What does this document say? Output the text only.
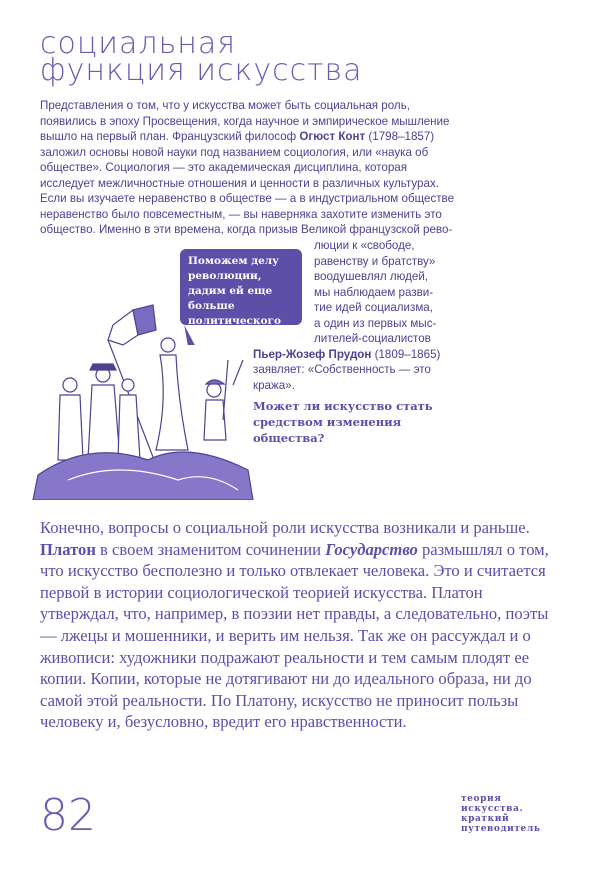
социальная
функция искусства

Представления о том, что у искусства может быть социальная роль, появились в эпоху Просвещения, когда научное и эмпирическое мышление вышло на первый план. Французский философ Огюст Конт (1798–1857) заложил основы новой науки под названием социология, или «наука об обществе». Социология — это академическая дисциплина, которая исследует межличностные отношения и ценности в различных культурах. Если вы изучаете неравенство в обществе — а в индустриальном обществе неравенство было повсеместным, — вы наверняка захотите изменить это общество. Именно в эти времена, когда призыв Великой французской рево-

люции к «свободе,
равенству и братству»
воодушевлял людей,
мы наблюдаем разви-
тие идей социализма,
а один из первых мыс-
лителей-социалистов

Пьер-Жозеф Прудон (1809–1865) заявляет: «Собственность — это кража».

Поможем делу революции, дадим ей еще больше политического искусства...
Может ли искусство стать средством изменения общества?
Конечно, вопросы о социальной роли искусства возникали и раньше. Платон в своем знаменитом сочинении Государство размышлял о том, что искусство бесполезно и только отвлекает человека. Это и считается первой в истории социологической теорией искусства. Платон утверждал, что, например, в поэзии нет правды, а следовательно, поэты — лжецы и мошенники, и верить им нельзя. Так же он рассуждал и о живописи: художники подражают реальности и тем самым плодят ее копии. Копии, которые не дотягивают ни до идеального образа, ни до самой этой реальности. По Платону, искусство не приносит пользы человеку и, безусловно, вредит его нравственности.
82	теория
искусства.
краткий
путеводитель
